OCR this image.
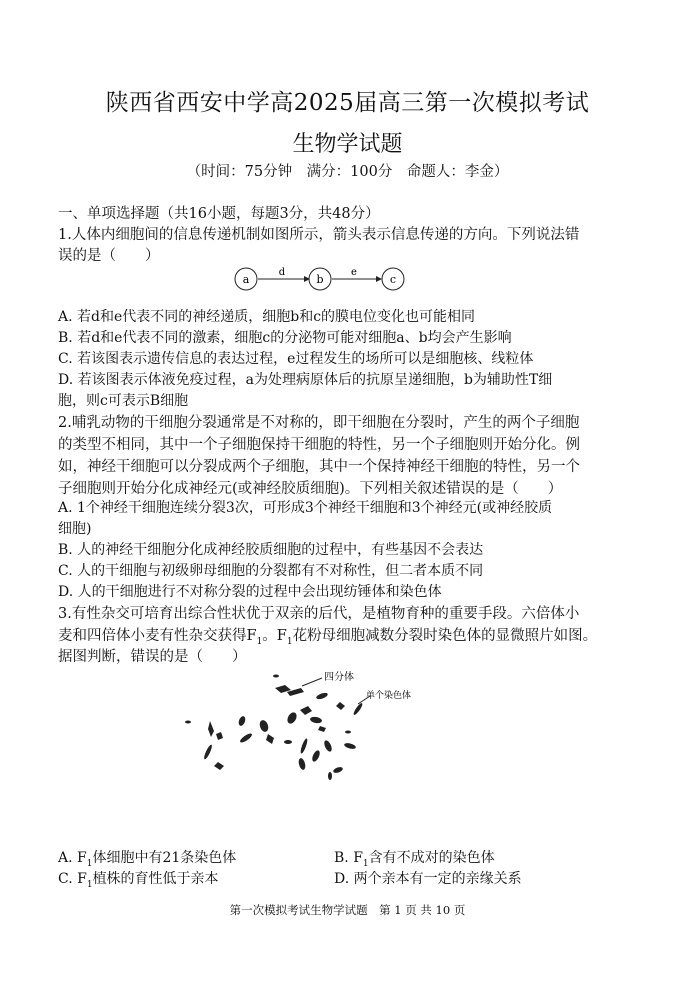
陕西省西安中学高2025届高三第一次模拟考试
生物学试题
（时间：75分钟　满分：100分　命题人：李金）
一、单项选择题（共16小题，每题3分，共48分）
1.人体内细胞间的信息传递机制如图所示，箭头表示信息传递的方向。下列说法错
误的是（　　）
a
d
b
e
c
A. 若d和e代表不同的神经递质，细胞b和c的膜电位变化也可能相同
B. 若d和e代表不同的激素，细胞c的分泌物可能对细胞a、b均会产生影响
C. 若该图表示遗传信息的表达过程，e过程发生的场所可以是细胞核、线粒体
D. 若该图表示体液免疫过程，a为处理病原体后的抗原呈递细胞，b为辅助性T细
胞，则c可表示B细胞
2.哺乳动物的干细胞分裂通常是不对称的，即干细胞在分裂时，产生的两个子细胞
的类型不相同，其中一个子细胞保持干细胞的特性，另一个子细胞则开始分化。例
如，神经干细胞可以分裂成两个子细胞，其中一个保持神经干细胞的特性，另一个
子细胞则开始分化成神经元(或神经胶质细胞)。下列相关叙述错误的是（　　）
A. 1个神经干细胞连续分裂3次，可形成3个神经干细胞和3个神经元(或神经胶质
细胞)
B. 人的神经干细胞分化成神经胶质细胞的过程中，有些基因不会表达
C. 人的干细胞与初级卵母细胞的分裂都有不对称性，但二者本质不同
D. 人的干细胞进行不对称分裂的过程中会出现纺锤体和染色体
3.有性杂交可培育出综合性状优于双亲的后代，是植物育种的重要手段。六倍体小
麦和四倍体小麦有性杂交获得$F_1$。$F_1$花粉母细胞减数分裂时染色体的显微照片如图。
据图判断，错误的是（　　）
四分体
单个染色体
A. $F_1$体细胞中有21条染色体	B. $F_1$含有不成对的染色体
C. $F_1$植株的育性低于亲本	D. 两个亲本有一定的亲缘关系
第一次模拟考试生物学试题　第 1 页 共 10 页
